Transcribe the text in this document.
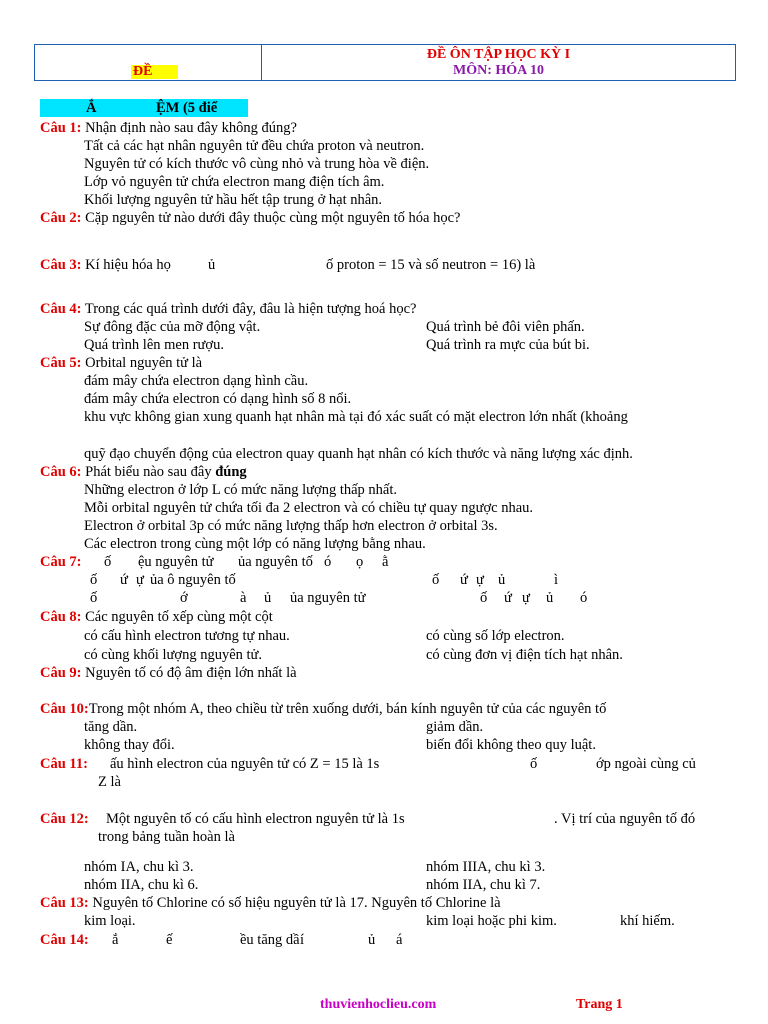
ĐỀ
ĐỀ ÔN TẬP HỌC KỲ I
MÔN: HÓA 10
Ắ	ỆM (5 điể
Câu 1: Nhận định nào sau đây không đúng?
Tất cả các hạt nhân nguyên tử đều chứa proton và neutron.
Nguyên tử có kích thước vô cùng nhỏ và trung hòa về điện.
Lớp vỏ nguyên tử chứa electron mang điện tích âm.
Khối lượng nguyên tử hầu hết tập trung ở hạt nhân.
Câu 2: Cặp nguyên tử nào dưới đây thuộc cùng một nguyên tố hóa học?
Câu 3: Kí hiệu hóa họ	ủ	ố proton = 15 và số neutron = 16) là
Câu 4: Trong các quá trình dưới đây, đâu là hiện tượng hoá học?
Sự đông đặc của mỡ động vật.	Quá trình bẻ đôi viên phấn.
Quá trình lên men rượu.	Quá trình ra mực của bút bi.
Câu 5: Orbital nguyên tử là
đám mây chứa electron dạng hình cầu.
đám mây chứa electron có dạng hình số 8 nổi.
khu vực không gian xung quanh hạt nhân mà tại đó xác suất có mặt electron lớn nhất (khoảng
quỹ đạo chuyển động của electron quay quanh hạt nhân có kích thước và năng lượng xác định.
Câu 6: Phát biểu nào sau đây đúng
Những electron ở lớp L có mức năng lượng thấp nhất.
Mỗi orbital nguyên tử chứa tối đa 2 electron và có chiều tự quay ngược nhau.
Electron ở orbital 3p có mức năng lượng thấp hơn electron ở orbital 3s.
Các electron trong cùng một lớp có năng lượng bằng nhau.
Câu 7: ố ệu nguyên tử ủa nguyên tố ó ọ ằ
ố ứ ự ủa ô nguyên tố	ố ứ ự ủ	ì
ố	ớ	à ủ ủa nguyên tử	ố ứ ự ủ ó
Câu 8: Các nguyên tố xếp cùng một cột
có cấu hình electron tương tự nhau.	có cùng số lớp electron.
có cùng khối lượng nguyên tử.	có cùng đơn vị điện tích hạt nhân.
Câu 9: Nguyên tố có độ âm điện lớn nhất là
Câu 10:Trong một nhóm A, theo chiều từ trên xuống dưới, bán kính nguyên tử của các nguyên tố
tăng dần.	giảm dần.
không thay đổi.	biến đổi không theo quy luật.
Câu 11: ấu hình electron của nguyên tử có Z = 15 là 1s	ố	ớp ngoài cùng củ
Z là
Câu 12: Một nguyên tố có cấu hình electron nguyên tử là 1s	. Vị trí của nguyên tố đó
trong bảng tuần hoàn là
nhóm IA, chu kì 3.	nhóm IIIA, chu kì 3.
nhóm IIA, chu kì 6.	nhóm IIA, chu kì 7.
Câu 13: Nguyên tố Chlorine có số hiệu nguyên tử là 17. Nguyên tố Chlorine là
kim loại.	kim loại hoặc phi kim.	khí hiếm.
Câu 14: ắ	ế	ều tăng dầ í	ủ á
thuvienhoclieu.com	Trang 1
